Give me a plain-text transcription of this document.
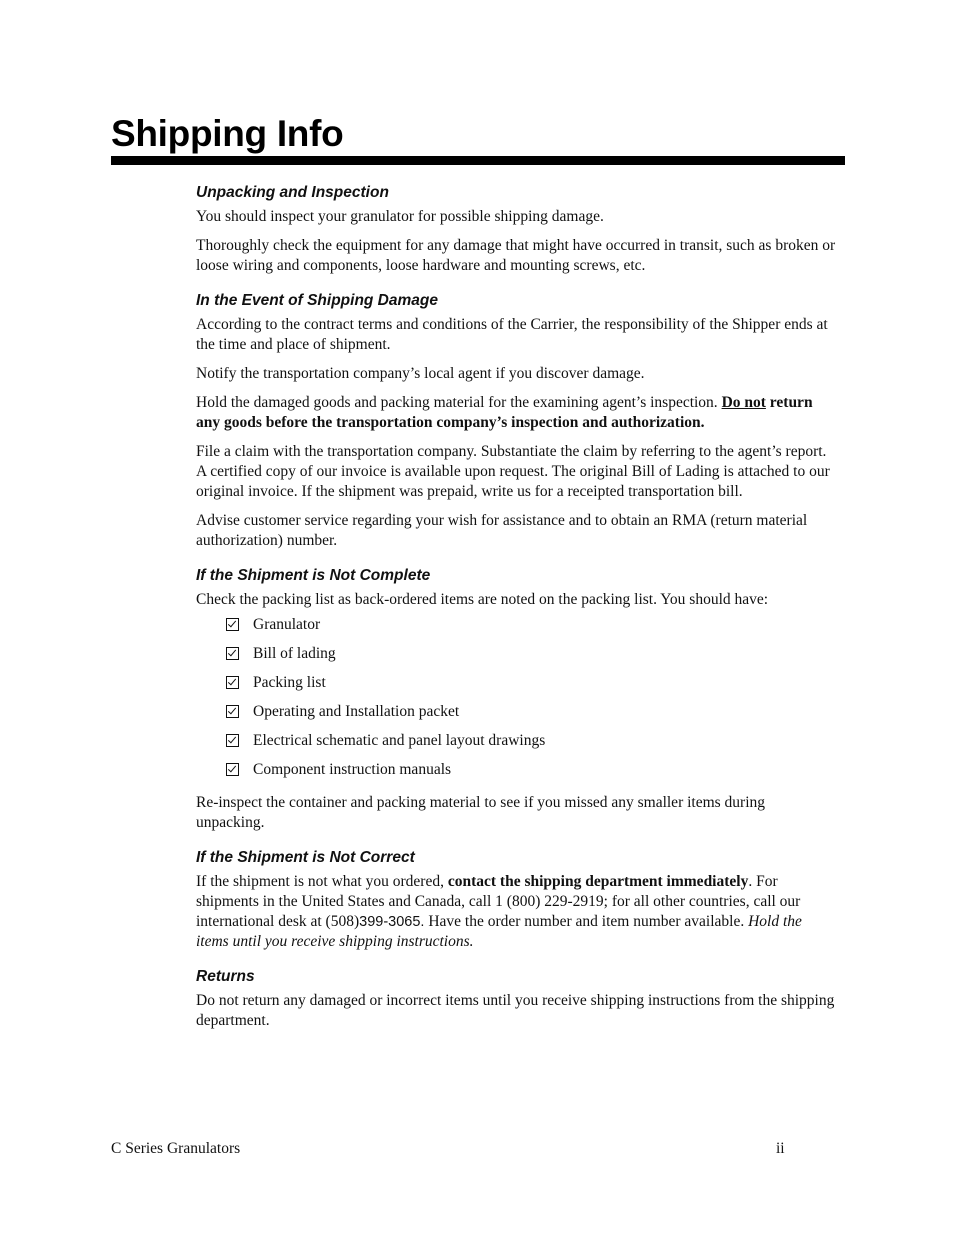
Shipping Info
Unpacking and Inspection

You should inspect your granulator for possible shipping damage.

Thoroughly check the equipment for any damage that might have occurred in transit, such as broken or loose wiring and components, loose hardware and mounting screws, etc.

In the Event of Shipping Damage

According to the contract terms and conditions of the Carrier, the responsibility of the Shipper ends at the time and place of shipment.

Notify the transportation company’s local agent if you discover damage.

Hold the damaged goods and packing material for the examining agent’s inspection. Do not return any goods before the transportation company’s inspection and authorization.

File a claim with the transportation company. Substantiate the claim by referring to the agent’s report. A certified copy of our invoice is available upon request. The original Bill of Lading is attached to our original invoice. If the shipment was prepaid, write us for a receipted transportation bill.

Advise customer service regarding your wish for assistance and to obtain an RMA (return material authorization) number.

If the Shipment is Not Complete

Check the packing list as back-ordered items are noted on the packing list. You should have:

Granulator
Bill of lading
Packing list
Operating and Installation packet
Electrical schematic and panel layout drawings
Component instruction manuals

Re-inspect the container and packing material to see if you missed any smaller items during unpacking.

If the Shipment is Not Correct

If the shipment is not what you ordered, contact the shipping department immediately. For shipments in the United States and Canada, call 1 (800) 229-2919; for all other countries, call our international desk at (508)399-3065. Have the order number and item number available. Hold the items until you receive shipping instructions.

Returns

Do not return any damaged or incorrect items until you receive shipping instructions from the shipping department.

C Series Granulators	ii
